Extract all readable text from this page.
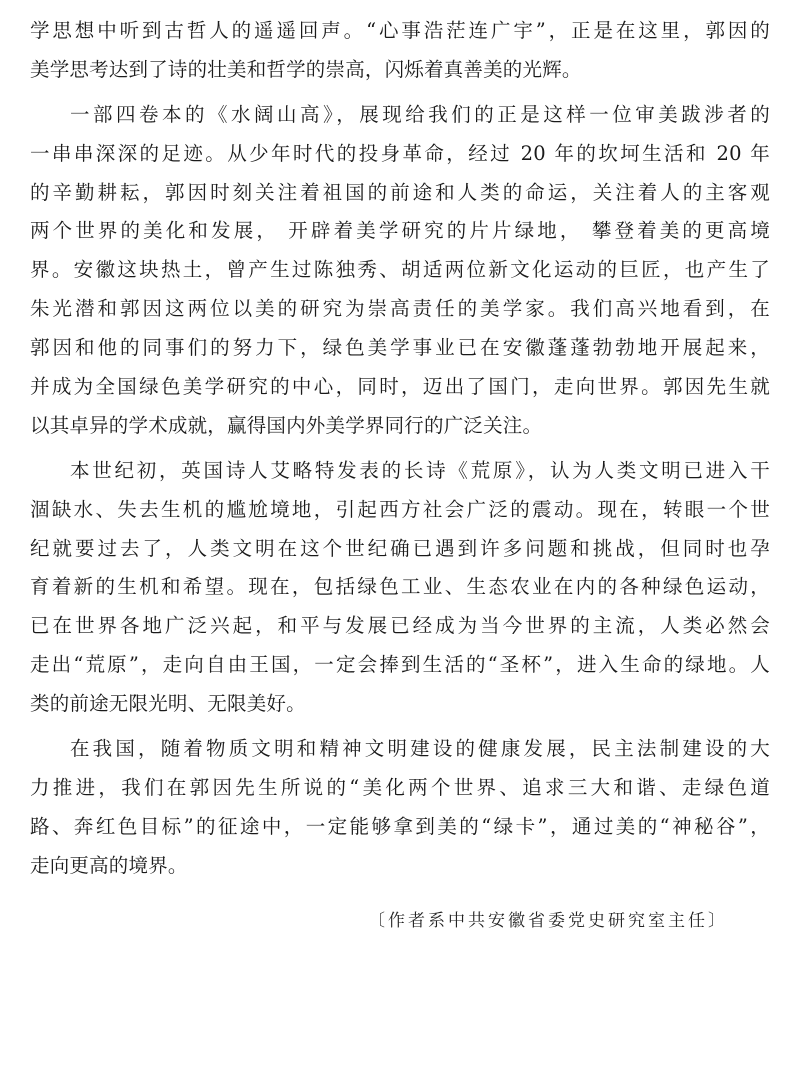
学思想中听到古哲人的遥遥回声。“心事浩茫连广宇”，正是在这里，郭因的
美学思考达到了诗的壮美和哲学的崇高，闪烁着真善美的光辉。
一部四卷本的《水阔山高》，展现给我们的正是这样一位审美跋涉者的
一串串深深的足迹。从少年时代的投身革命，经过 20 年的坎坷生活和 20 年
的辛勤耕耘，郭因时刻关注着祖国的前途和人类的命运，关注着人的主客观
两个世界的美化和发展， 开辟着美学研究的片片绿地， 攀登着美的更高境
界。安徽这块热土，曾产生过陈独秀、胡适两位新文化运动的巨匠，也产生了
朱光潜和郭因这两位以美的研究为崇高责任的美学家。我们高兴地看到，在
郭因和他的同事们的努力下，绿色美学事业已在安徽蓬蓬勃勃地开展起来，
并成为全国绿色美学研究的中心，同时，迈出了国门，走向世界。郭因先生就
以其卓异的学术成就，赢得国内外美学界同行的广泛关注。
本世纪初，英国诗人艾略特发表的长诗《荒原》，认为人类文明已进入干
涸缺水、失去生机的尴尬境地，引起西方社会广泛的震动。现在，转眼一个世
纪就要过去了，人类文明在这个世纪确已遇到许多问题和挑战，但同时也孕
育着新的生机和希望。现在，包括绿色工业、生态农业在内的各种绿色运动，
已在世界各地广泛兴起，和平与发展已经成为当今世界的主流，人类必然会
走出“荒原”，走向自由王国，一定会捧到生活的“圣杯”，进入生命的绿地。人
类的前途无限光明、无限美好。
在我国，随着物质文明和精神文明建设的健康发展，民主法制建设的大
力推进，我们在郭因先生所说的“美化两个世界、追求三大和谐、走绿色道
路、奔红色目标”的征途中，一定能够拿到美的“绿卡”，通过美的“神秘谷”，
走向更高的境界。
〔作者系中共安徽省委党史研究室主任〕
